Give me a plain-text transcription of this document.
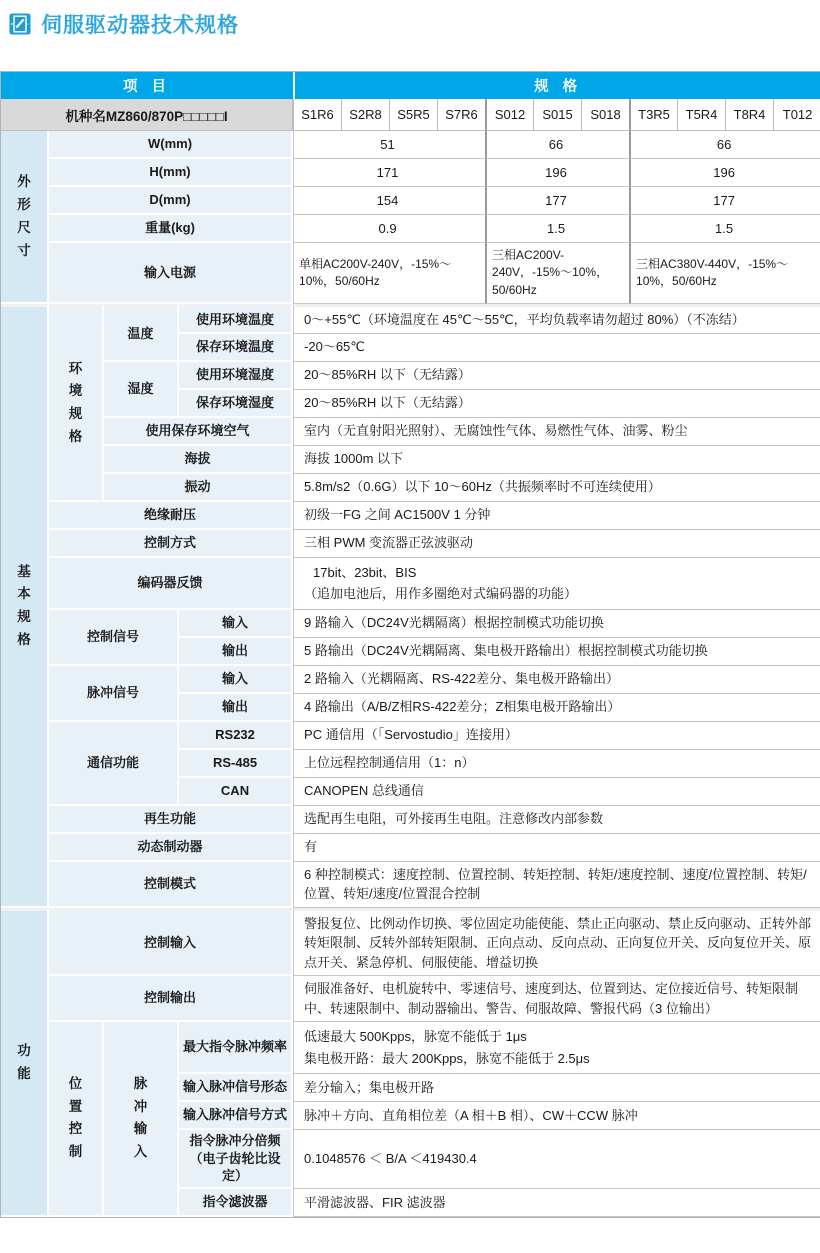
伺服驱动器技术规格
项 目				规 格										
机种名MZ860/870P□□□□□I				S1R6	S2R8	S5R5	S7R6	S012	S015	S018	T3R5	T5R4	T8R4	T012

外形尺寸	W(mm)			51				66			66			
	H(mm)			171				196			196			
	D(mm)			154				177			177			
	重量(kg)			0.9				1.5			1.5			
	输入电源			单相AC200V-240V，-15%～10%，50/60Hz				三相AC200V-240V，-15%～10%，50/60Hz			三相AC380V-440V，-15%～10%，50/60Hz			

基本规格	环境规格	温度	使用环境温度	0～+55℃（环境温度在 45℃～55℃，平均负载率请勿超过 80%）（不冻结）										
			保存环境温度	-20～65℃										
		湿度	使用环境湿度	20～85%RH 以下（无结露）										
			保存环境湿度	20～85%RH 以下（无结露）										
		使用保存环境空气		室内（无直射阳光照射）、无腐蚀性气体、易燃性气体、油雾、粉尘										
		海拔		海拔 1000m 以下										
		振动		5.8m/s2（0.6G）以下 10～60Hz（共振频率时不可连续使用）										
	绝缘耐压			初级一FG 之间 AC1500V 1 分钟										
	控制方式			三相 PWM 变流器正弦波驱动										
	编码器反馈			17bit、23bit、BIS
（追加电池后，用作多圈绝对式编码器的功能）										

	控制信号		输入	9 路输入（DC24V光耦隔离）根据控制模式功能切换										
			输出	5 路输出（DC24V光耦隔离、集电极开路输出）根据控制模式功能切换										
	脉冲信号		输入	2 路输入（光耦隔离、RS-422差分、集电极开路输出）										
			输出	4 路输出（A/B/Z相RS-422差分；Z相集电极开路输出）										
	通信功能		RS232	PC 通信用（「Servostudio」连接用）										
			RS-485	上位远程控制通信用（1：n）										
			CAN	CANOPEN 总线通信										
	再生功能			选配再生电阻，可外接再生电阻。注意修改内部参数										
	动态制动器			有										
	控制模式			6 种控制模式：速度控制、位置控制、转矩控制、转矩/速度控制、速度/位置控制、转矩/位置、转矩/速度/位置混合控制										

功能	控制输入			警报复位、比例动作切换、零位固定功能使能、禁止正向驱动、禁止反向驱动、正转外部转矩限制、反转外部转矩限制、正向点动、反向点动、正向复位开关、反向复位开关、原点开关、紧急停机、伺服使能、增益切换										
	控制输出			伺服准备好、电机旋转中、零速信号、速度到达、位置到达、定位接近信号、转矩限制中、转速限制中、制动器输出、警告、伺服故障、警报代码（3 位输出）										

	位置控制	脉冲输入	最大指令脉冲频率	低速最大 500Kpps，脉宽不能低于 1μs
集电极开路：最大 200Kpps，脉宽不能低于 2.5μs										

			输入脉冲信号形态	差分输入；集电极开路										
			输入脉冲信号方式	脉冲＋方向、直角相位差（A 相＋B 相）、CW＋CCW 脉冲										

			指令脉冲分倍频
（电子齿轮比设定）	0.1048576 ＜ B/A ＜419430.4										
			指令滤波器	平滑滤波器、FIR 滤波器										
